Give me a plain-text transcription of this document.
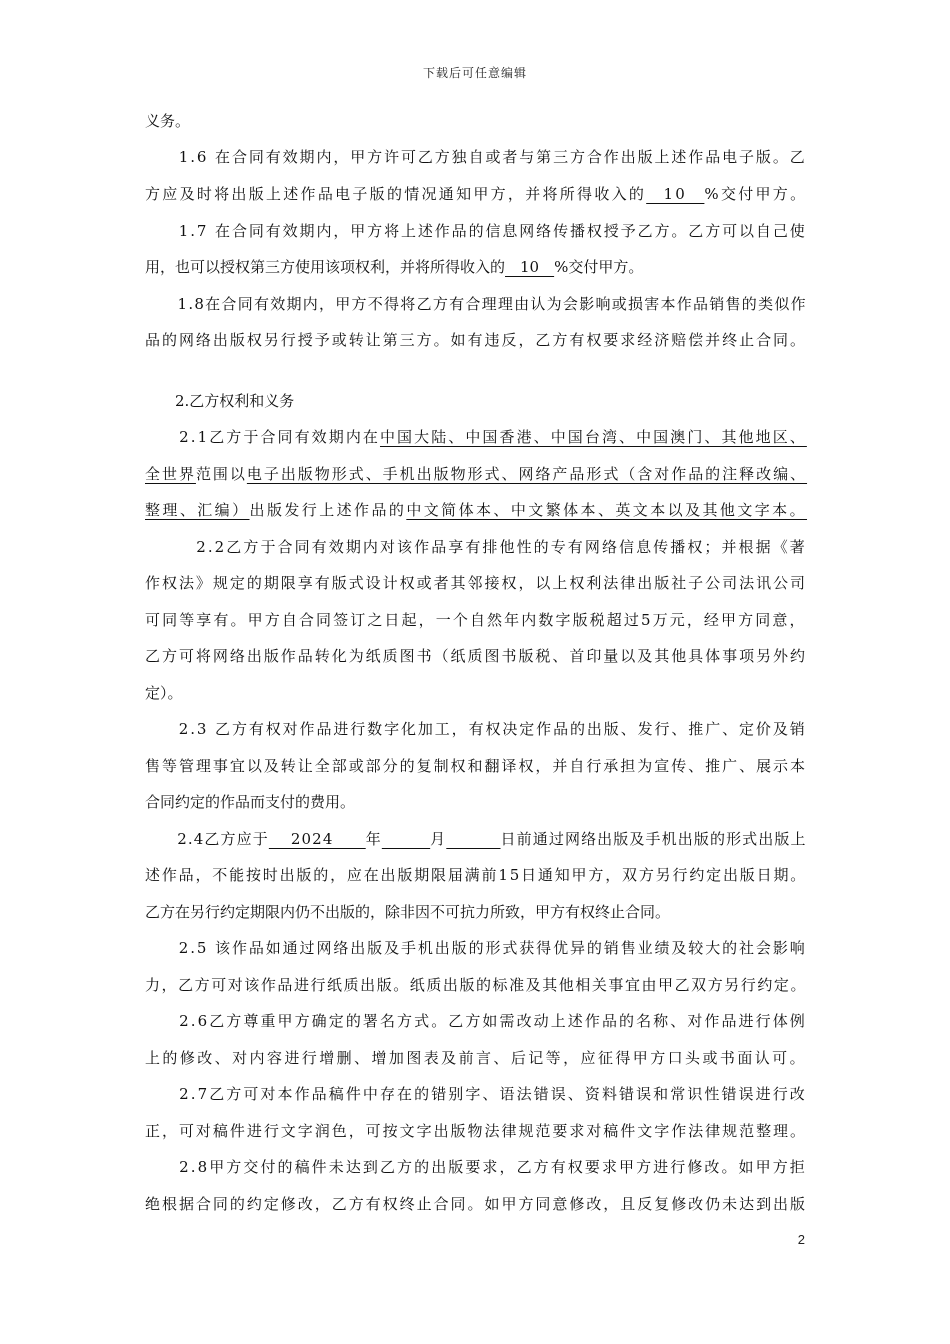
下载后可任意编辑
义务。
　　1.6 在合同有效期内，甲方许可乙方独自或者与第三方合作出版上述作品电子版。乙
方应及时将出版上述作品电子版的情况通知甲方，并将所得收入的　10　%交付甲方。
　　1.7 在合同有效期内，甲方将上述作品的信息网络传播权授予乙方。乙方可以自己使
用，也可以授权第三方使用该项权利，并将所得收入的　10　%交付甲方。
　　1.8在合同有效期内，甲方不得将乙方有合理理由认为会影响或损害本作品销售的类似作
品的网络出版权另行授予或转让第三方。如有违反，乙方有权要求经济赔偿并终止合同。
　　2.乙方权利和义务
　　2.1乙方于合同有效期内在中国大陆、中国香港、中国台湾、中国澳门、其他地区、
全世界范围以电子出版物形式、手机出版物形式、网络产品形式（含对作品的注释改编、
整理、汇编）出版发行上述作品的中文简体本、中文繁体本、英文本以及其他文字本。
　　　2.2乙方于合同有效期内对该作品享有排他性的专有网络信息传播权；并根据《著
作权法》规定的期限享有版式设计权或者其邻接权，以上权利法律出版社子公司法讯公司
可同等享有。甲方自合同签订之日起，一个自然年内数字版税超过5万元，经甲方同意，
乙方可将网络出版作品转化为纸质图书（纸质图书版税、首印量以及其他具体事项另外约
定）。
　　2.3 乙方有权对作品进行数字化加工，有权决定作品的出版、发行、推广、定价及销
售等管理事宜以及转让全部或部分的复制权和翻译权，并自行承担为宣传、推广、展示本
合同约定的作品而支付的费用。
　　2.4乙方应于　 2024　　年　　　	月　　　	日前通过网络出版及手机出版的形式出版上
述作品，不能按时出版的，应在出版期限届满前15日通知甲方，双方另行约定出版日期。
乙方在另行约定期限内仍不出版的，除非因不可抗力所致，甲方有权终止合同。
　　2.5 该作品如通过网络出版及手机出版的形式获得优异的销售业绩及较大的社会影响
力，乙方可对该作品进行纸质出版。纸质出版的标准及其他相关事宜由甲乙双方另行约定。
　　2.6乙方尊重甲方确定的署名方式。乙方如需改动上述作品的名称、对作品进行体例
上的修改、对内容进行增删、增加图表及前言、后记等，应征得甲方口头或书面认可。
　　2.7乙方可对本作品稿件中存在的错别字、语法错误、资料错误和常识性错误进行改
正，可对稿件进行文字润色，可按文字出版物法律规范要求对稿件文字作法律规范整理。
　　2.8甲方交付的稿件未达到乙方的出版要求，乙方有权要求甲方进行修改。如甲方拒
绝根据合同的约定修改，乙方有权终止合同。如甲方同意修改，且反复修改仍未达到出版
2
